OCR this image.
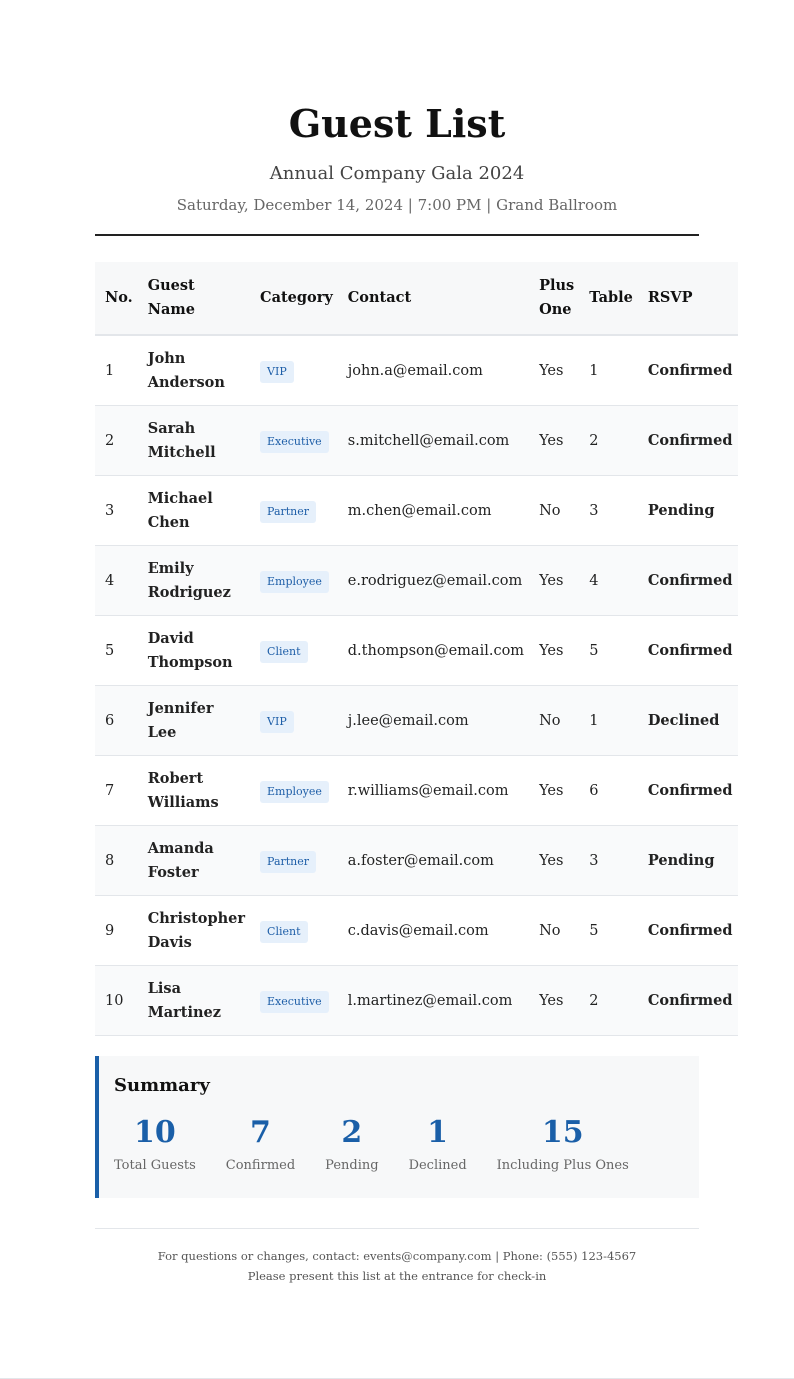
Guest List
Annual Company Gala 2024
Saturday, December 14, 2024 | 7:00 PM | Grand Ballroom
No.	Guest Name	Category	Contact	Plus One	Table	RSVP
1	John Anderson	VIP	john.a@email.com	Yes	1	Confirmed
2	Sarah Mitchell	Executive	s.mitchell@email.com	Yes	2	Confirmed
3	Michael Chen	Partner	m.chen@email.com	No	3	Pending
4	Emily Rodriguez	Employee	e.rodriguez@email.com	Yes	4	Confirmed
5	David Thompson	Client	d.thompson@email.com	Yes	5	Confirmed
6	Jennifer Lee	VIP	j.lee@email.com	No	1	Declined
7	Robert Williams	Employee	r.williams@email.com	Yes	6	Confirmed
8	Amanda Foster	Partner	a.foster@email.com	Yes	3	Pending
9	Christopher Davis	Client	c.davis@email.com	No	5	Confirmed
10	Lisa Martinez	Executive	l.martinez@email.com	Yes	2	Confirmed
Summary
10
Total Guests
7
Confirmed
2
Pending
1
Declined
15
Including Plus Ones
For questions or changes, contact: events@company.com | Phone: (555) 123-4567
Please present this list at the entrance for check-in
